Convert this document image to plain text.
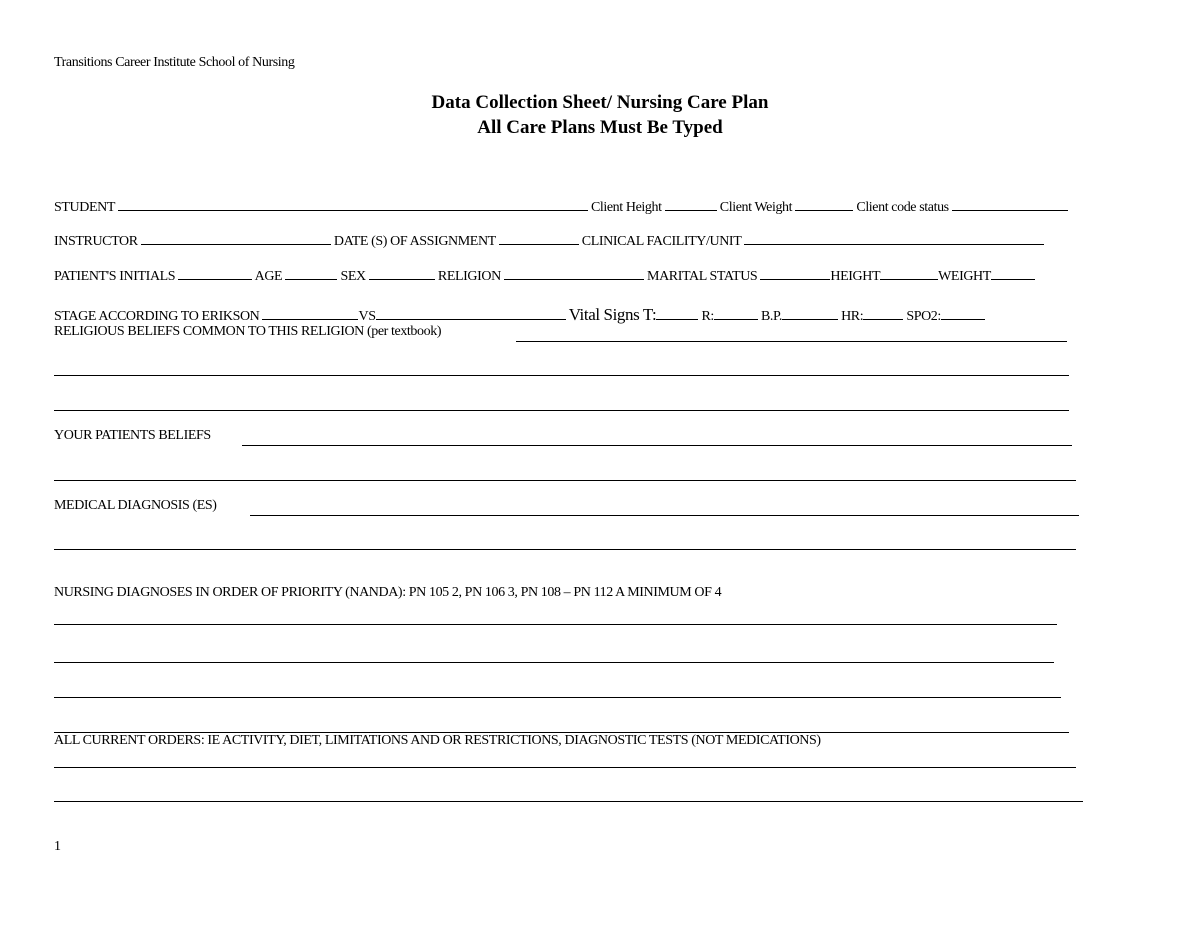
Transitions Career Institute School of Nursing
Data Collection Sheet/ Nursing Care Plan
All Care Plans Must Be Typed
STUDENT	Client Height	Client Weight	Client code status
INSTRUCTOR	DATE (S) OF ASSIGNMENT	CLINICAL FACILITY/UNIT
PATIENT'S INITIALS	AGE	SEX	RELIGION	MARITAL STATUS	HEIGHT	WEIGHT
STAGE ACCORDING TO ERIKSON	VS	Vital Signs T:	R:	B.P.	HR:	SPO2:
RELIGIOUS BELIEFS COMMON TO THIS RELIGION (per textbook)
YOUR PATIENTS BELIEFS
MEDICAL DIAGNOSIS (ES)
NURSING DIAGNOSES IN ORDER OF PRIORITY (NANDA): PN 105 2, PN 106 3, PN 108 – PN 112 A MINIMUM OF 4
ALL CURRENT ORDERS: IE ACTIVITY, DIET, LIMITATIONS AND OR RESTRICTIONS, DIAGNOSTIC TESTS (NOT MEDICATIONS)
1
